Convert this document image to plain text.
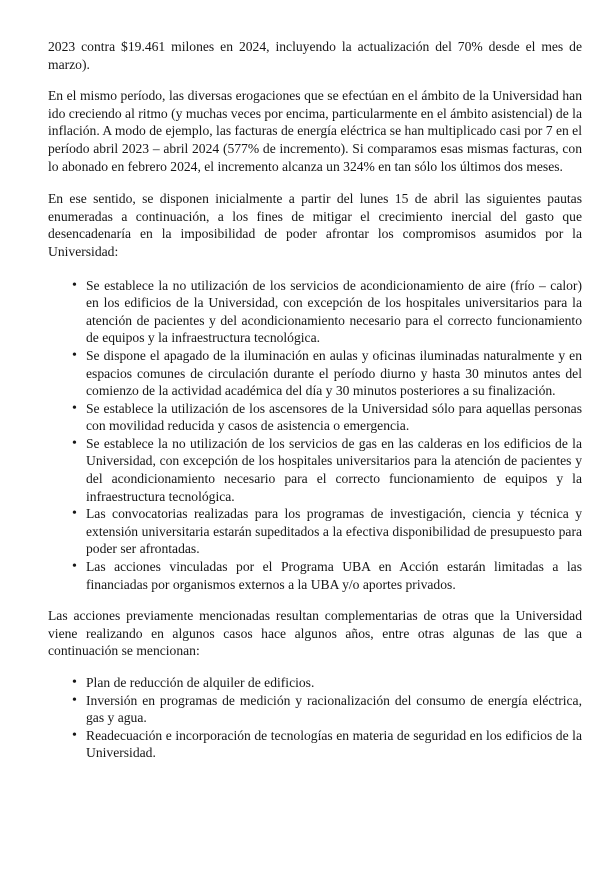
2023 contra $19.461 milones en 2024, incluyendo la actualización del 70% desde el mes de marzo).

En el mismo período, las diversas erogaciones que se efectúan en el ámbito de la Universidad han ido creciendo al ritmo (y muchas veces por encima, particularmente en el ámbito asistencial) de la inflación. A modo de ejemplo, las facturas de energía eléctrica se han multiplicado casi por 7 en el período abril 2023 – abril 2024 (577% de incremento). Si comparamos esas mismas facturas, con lo abonado en febrero 2024, el incremento alcanza un 324% en tan sólo los últimos dos meses.

En ese sentido, se disponen inicialmente a partir del lunes 15 de abril las siguientes pautas enumeradas a continuación, a los fines de mitigar el crecimiento inercial del gasto que desencadenaría en la imposibilidad de poder afrontar los compromisos asumidos por la Universidad:

• Se establece la no utilización de los servicios de acondicionamiento de aire (frío – calor) en los edificios de la Universidad, con excepción de los hospitales universitarios para la atención de pacientes y del acondicionamiento necesario para el correcto funcionamiento de equipos y la infraestructura tecnológica.
• Se dispone el apagado de la iluminación en aulas y oficinas iluminadas naturalmente y en espacios comunes de circulación durante el período diurno y hasta 30 minutos antes del comienzo de la actividad académica del día y 30 minutos posteriores a su finalización.
• Se establece la utilización de los ascensores de la Universidad sólo para aquellas personas con movilidad reducida y casos de asistencia o emergencia.
• Se establece la no utilización de los servicios de gas en las calderas en los edificios de la Universidad, con excepción de los hospitales universitarios para la atención de pacientes y del acondicionamiento necesario para el correcto funcionamiento de equipos y la infraestructura tecnológica.
• Las convocatorias realizadas para los programas de investigación, ciencia y técnica y extensión universitaria estarán supeditados a la efectiva disponibilidad de presupuesto para poder ser afrontadas.
• Las acciones vinculadas por el Programa UBA en Acción estarán limitadas a las financiadas por organismos externos a la UBA y/o aportes privados.

Las acciones previamente mencionadas resultan complementarias de otras que la Universidad viene realizando en algunos casos hace algunos años, entre otras algunas de las que a continuación se mencionan:

• Plan de reducción de alquiler de edificios.
• Inversión en programas de medición y racionalización del consumo de energía eléctrica, gas y agua.
• Readecuación e incorporación de tecnologías en materia de seguridad en los edificios de la Universidad.
